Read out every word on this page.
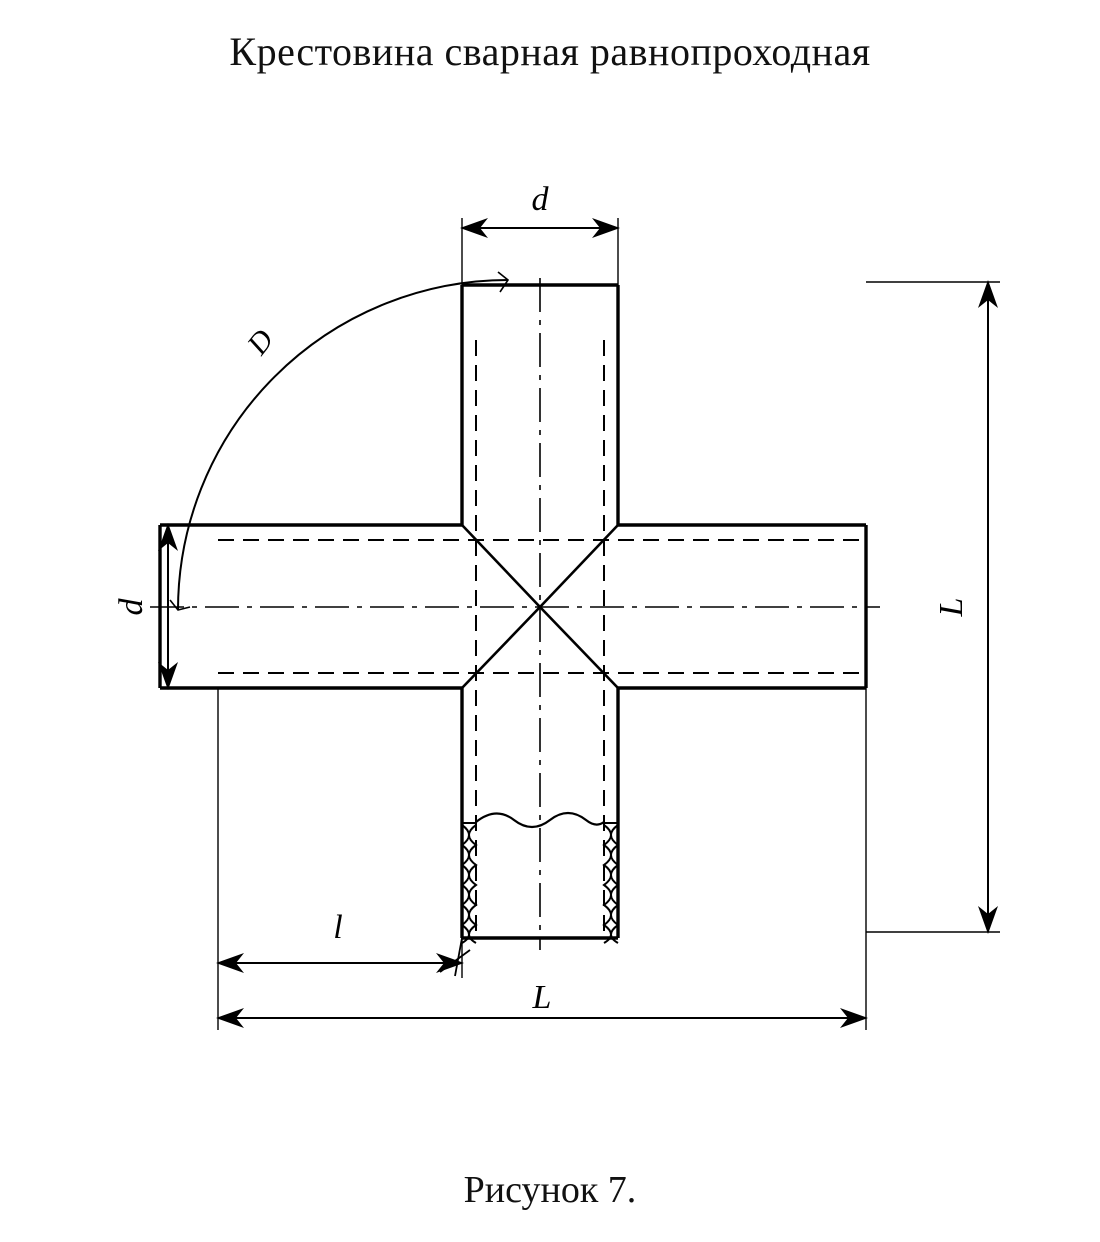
Крестовина сварная равнопроходная
d
d	L
L
l
D
Рисунок 7.
